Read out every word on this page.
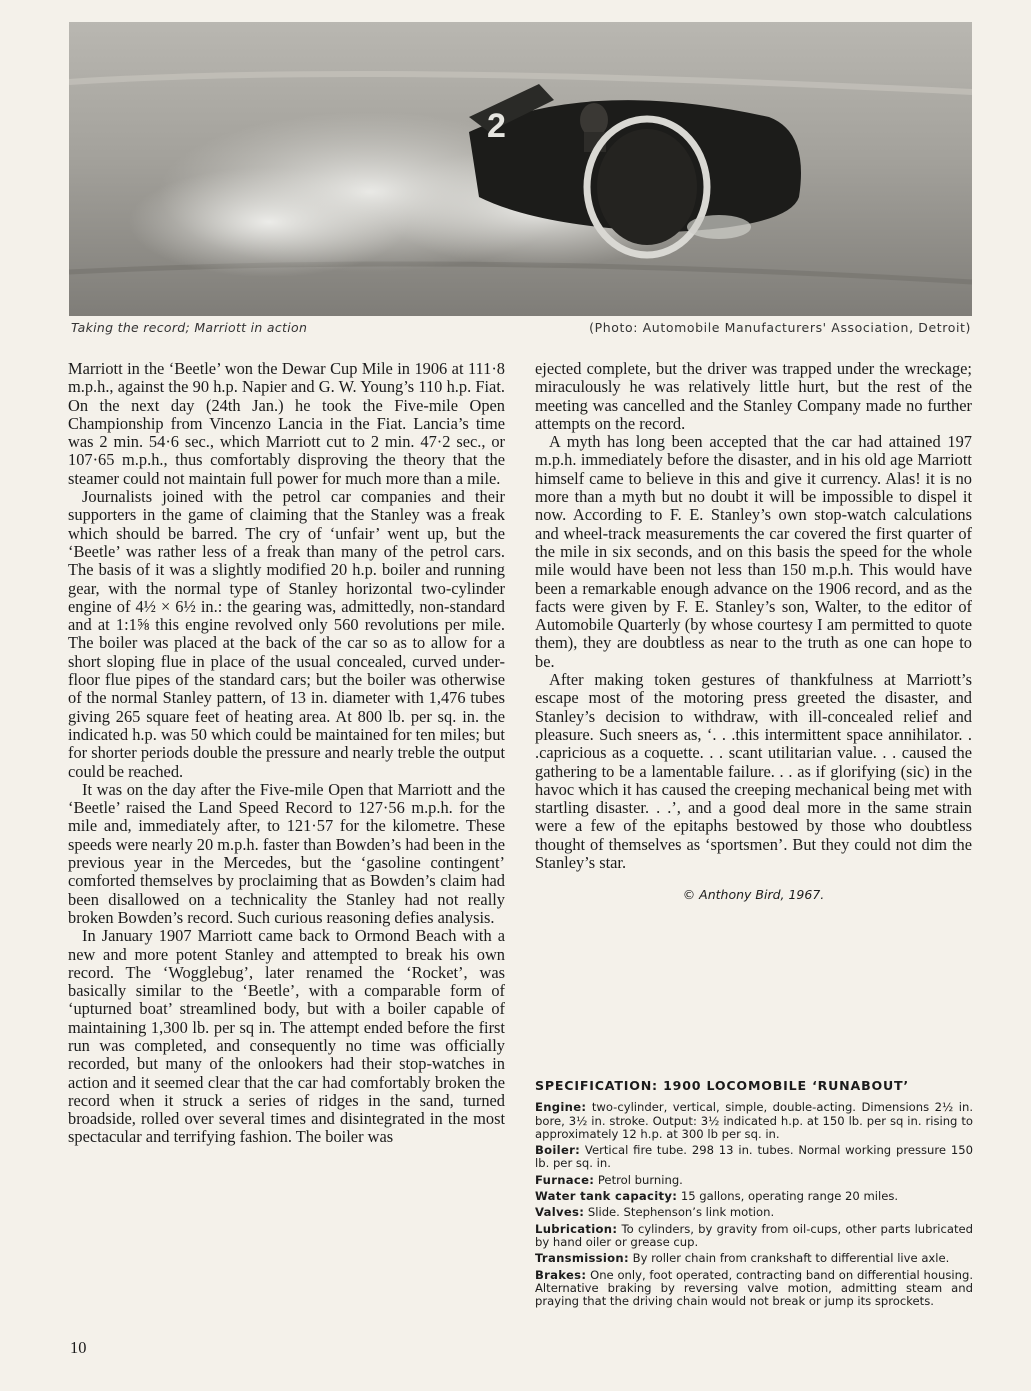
2
Taking the record; Marriott in action	(Photo: Automobile Manufacturers' Association, Detroit)

Marriott in the ‘Beetle’ won the Dewar Cup Mile in 1906 at 111·8 m.p.h., against the 90 h.p. Napier and G. W. Young’s 110 h.p. Fiat. On the next day (24th Jan.) he took the Five-mile Open Championship from Vincenzo Lancia in the Fiat. Lancia’s time was 2 min. 54·6 sec., which Marriott cut to 2 min. 47·2 sec., or 107·65 m.p.h., thus comfortably disproving the theory that the steamer could not maintain full power for much more than a mile.

Journalists joined with the petrol car companies and their supporters in the game of claiming that the Stanley was a freak which should be barred. The cry of ‘unfair’ went up, but the ‘Beetle’ was rather less of a freak than many of the petrol cars. The basis of it was a slightly modified 20 h.p. boiler and running gear, with the normal type of Stanley horizontal two-cylinder engine of 4½ × 6½ in.: the gearing was, admittedly, non-standard and at 1:1⅝ this engine revolved only 560 revolutions per mile. The boiler was placed at the back of the car so as to allow for a short sloping flue in place of the usual concealed, curved under-floor flue pipes of the standard cars; but the boiler was otherwise of the normal Stanley pattern, of 13 in. diameter with 1,476 tubes giving 265 square feet of heating area. At 800 lb. per sq. in. the indicated h.p. was 50 which could be maintained for ten miles; but for shorter periods double the pressure and nearly treble the output could be reached.

It was on the day after the Five-mile Open that Marriott and the ‘Beetle’ raised the Land Speed Record to 127·56 m.p.h. for the mile and, immediately after, to 121·57 for the kilometre. These speeds were nearly 20 m.p.h. faster than Bowden’s had been in the previous year in the Mercedes, but the ‘gasoline contingent’ comforted themselves by proclaiming that as Bowden’s claim had been disallowed on a technicality the Stanley had not really broken Bowden’s record. Such curious reasoning defies analysis.

In January 1907 Marriott came back to Ormond Beach with a new and more potent Stanley and attempted to break his own record. The ‘Wogglebug’, later renamed the ‘Rocket’, was basically similar to the ‘Beetle’, with a comparable form of ‘upturned boat’ streamlined body, but with a boiler capable of maintaining 1,300 lb. per sq in. The attempt ended before the first run was completed, and consequently no time was officially recorded, but many of the onlookers had their stop-watches in action and it seemed clear that the car had comfortably broken the record when it struck a series of ridges in the sand, turned broadside, rolled over several times and disintegrated in the most spectacular and terrifying fashion. The boiler was

ejected complete, but the driver was trapped under the wreckage; miraculously he was relatively little hurt, but the rest of the meeting was cancelled and the Stanley Company made no further attempts on the record.

A myth has long been accepted that the car had attained 197 m.p.h. immediately before the disaster, and in his old age Marriott himself came to believe in this and give it currency. Alas! it is no more than a myth but no doubt it will be impossible to dispel it now. According to F. E. Stanley’s own stop-watch calculations and wheel-track measurements the car covered the first quarter of the mile in six seconds, and on this basis the speed for the whole mile would have been not less than 150 m.p.h. This would have been a remarkable enough advance on the 1906 record, and as the facts were given by F. E. Stanley’s son, Walter, to the editor of Automobile Quarterly (by whose courtesy I am permitted to quote them), they are doubtless as near to the truth as one can hope to be.

After making token gestures of thankfulness at Marriott’s escape most of the motoring press greeted the disaster, and Stanley’s decision to withdraw, with ill-concealed relief and pleasure. Such sneers as, ‘. . .this intermittent space annihilator. . .capricious as a coquette. . . scant utilitarian value. . . caused the gathering to be a lamentable failure. . . as if glorifying (sic) in the havoc which it has caused the creeping mechanical being met with startling disaster. . .’, and a good deal more in the same strain were a few of the epitaphs bestowed by those who doubtless thought of themselves as ‘sportsmen’. But they could not dim the Stanley’s star.

© Anthony Bird, 1967.
SPECIFICATION: 1900 LOCOMOBILE ‘RUNABOUT’
Engine: two-cylinder, vertical, simple, double-acting. Dimensions 2½ in. bore, 3½ in. stroke. Output: 3½ indicated h.p. at 150 lb. per sq in. rising to approximately 12 h.p. at 300 lb per sq. in.
Boiler: Vertical fire tube. 298 13 in. tubes. Normal working pressure 150 lb. per sq. in.
Furnace: Petrol burning.
Water tank capacity: 15 gallons, operating range 20 miles.
Valves: Slide. Stephenson’s link motion.
Lubrication: To cylinders, by gravity from oil-cups, other parts lubricated by hand oiler or grease cup.
Transmission: By roller chain from crankshaft to differential live axle.
Brakes: One only, foot operated, contracting band on differential housing. Alternative braking by reversing valve motion, admitting steam and praying that the driving chain would not break or jump its sprockets.
10
